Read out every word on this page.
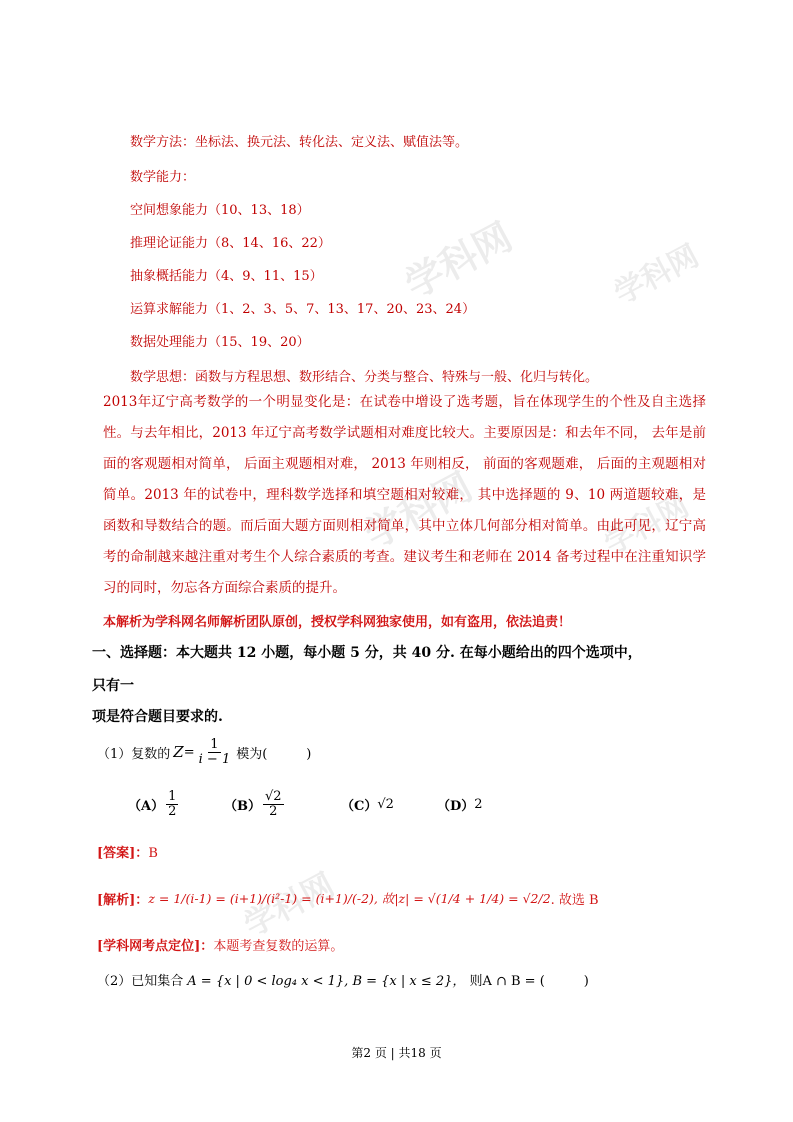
学科网	学科网
学科网	学科网
学科网
数学方法：坐标法、换元法、转化法、定义法、赋值法等。
数学能力：
空间想象能力（10、13、18）
推理论证能力（8、14、16、22）
抽象概括能力（4、9、11、15）
运算求解能力（1、2、3、5、7、13、17、20、23、24）
数据处理能力（15、19、20）
数学思想：函数与方程思想、数形结合、分类与整合、特殊与一般、化归与转化。
2013年辽宁高考数学的一个明显变化是：在试卷中增设了选考题，旨在体现学生的个性及自主选择性。与去年相比，2013 年辽宁高考数学试题相对难度比较大。主要原因是：和去年不同， 去年是前面的客观题相对简单， 后面主观题相对难， 2013 年则相反， 前面的客观题难， 后面的主观题相对简单。2013 年的试卷中，理科数学选择和填空题相对较难， 其中选择题的 9、10 两道题较难，是函数和导数结合的题。而后面大题方面则相对简单，其中立体几何部分相对简单。由此可见，辽宁高考的命制越来越注重对考生个人综合素质的考查。建议考生和老师在 2014 备考过程中在注重知识学习的同时，勿忘各方面综合素质的提升。
本解析为学科网名师解析团队原创，授权学科网独家使用，如有盗用，依法追责！
一、选择题：本大题共 12 小题，每小题 5 分，共 40 分. 在每小题给出的四个选项中，
只有一
项是符合题目要求的.
（1）复数的 $Z = \frac{1}{i - 1}$ 模为(　　　)
$(A) \frac{1}{2}$	$(B) \frac{√2}{2}$	（C） √2	（D） 2
[答案]：B
[解析]： z = 1/(i-1) = (i+1)/(i²-1) = (i+1)/(-2), 故|z| = √(1/4 + 1/4) = √2/2 . 故选 B
[学科网考点定位]：本题考查复数的运算。
（2）已知集合 A = {x | 0 < log₄ x < 1}, B = {x | x ≤ 2}， 则A ∩ B = (　　　)
第2 页 | 共18 页
